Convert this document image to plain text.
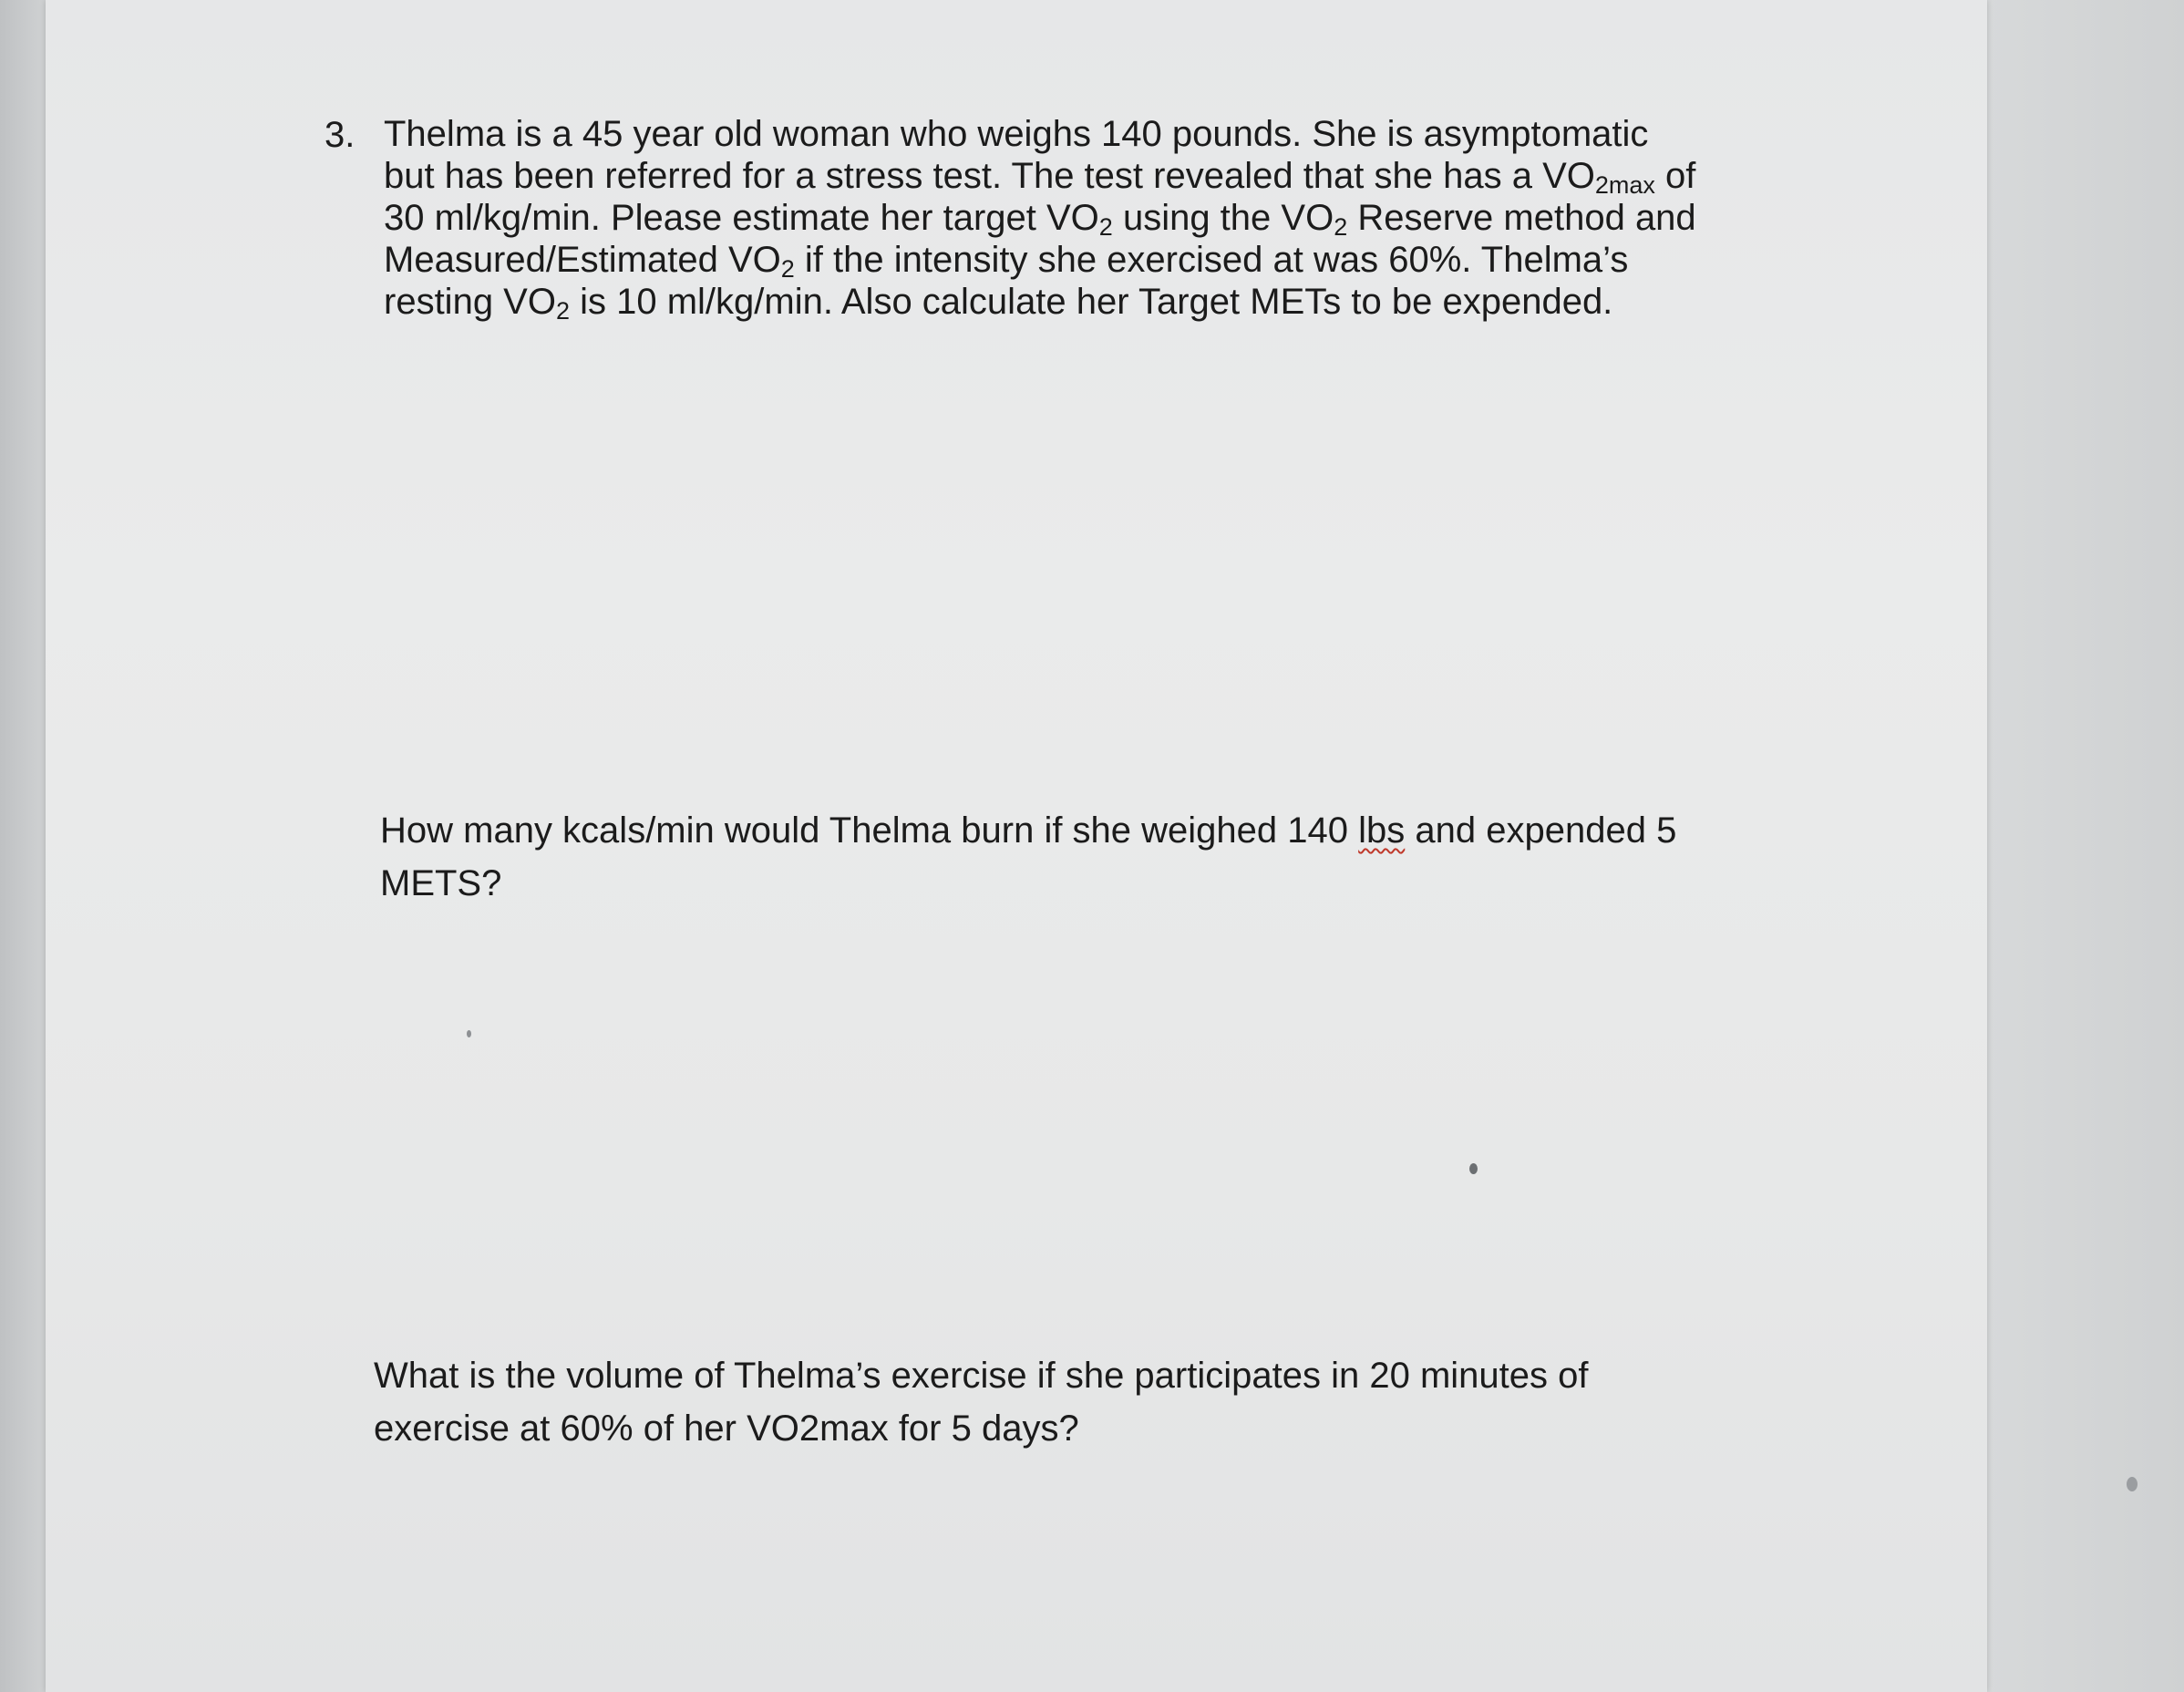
3. Thelma is a 45 year old woman who weighs 140 pounds. She is asymptomatic
but has been referred for a stress test. The test revealed that she has a $VO_{2max}$ of
30 ml/kg/min. Please estimate her target $VO_2$ using the $VO_2$ Reserve method and
Measured/Estimated $VO_2$ if the intensity she exercised at was 60%. Thelma’s
resting $VO_2$ is 10 ml/kg/min. Also calculate her Target METs to be expended.
How many kcals/min would Thelma burn if she weighed 140 lbs and expended 5
METS?
What is the volume of Thelma’s exercise if she participates in 20 minutes of
exercise at 60% of her VO2max for 5 days?
